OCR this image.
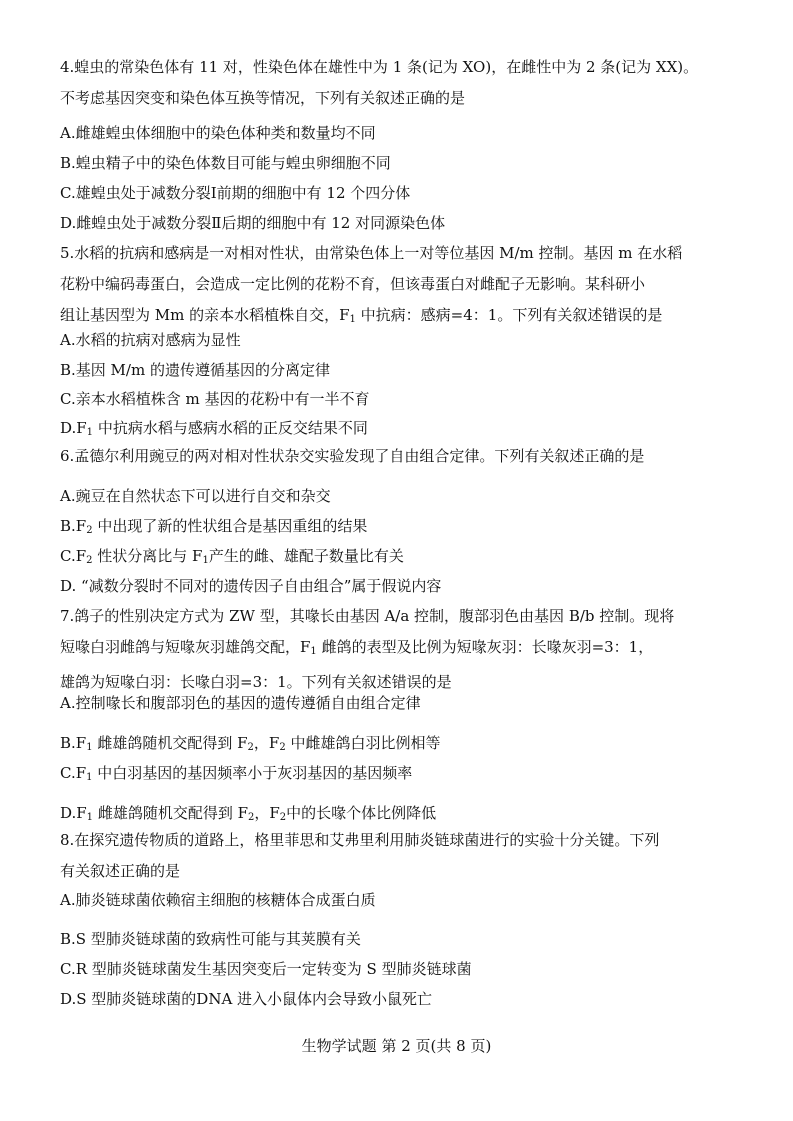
4.蝗虫的常染色体有 11 对，性染色体在雄性中为 1 条(记为 XO)，在雌性中为 2 条(记为 XX)。
不考虑基因突变和染色体互换等情况，下列有关叙述正确的是
A.雌雄蝗虫体细胞中的染色体种类和数量均不同
B.蝗虫精子中的染色体数目可能与蝗虫卵细胞不同
C.雄蝗虫处于减数分裂Ⅰ前期的细胞中有 12 个四分体
D.雌蝗虫处于减数分裂Ⅱ后期的细胞中有 12 对同源染色体
5.水稻的抗病和感病是一对相对性状，由常染色体上一对等位基因 M/m 控制。基因 m 在水稻
花粉中编码毒蛋白，会造成一定比例的花粉不育，但该毒蛋白对雌配子无影响。某科研小
组让基因型为 Mm 的亲本水稻植株自交，$F_1$ 中抗病：感病=4：1。下列有关叙述错误的是
A.水稻的抗病对感病为显性
B.基因 M/m 的遗传遵循基因的分离定律
C.亲本水稻植株含 m 基因的花粉中有一半不育
$D.F_1$ 中抗病水稻与感病水稻的正反交结果不同
6.孟德尔利用豌豆的两对相对性状杂交实验发现了自由组合定律。下列有关叙述正确的是
A.豌豆在自然状态下可以进行自交和杂交
$B.F_2$ 中出现了新的性状组合是基因重组的结果
$C.F_2$ 性状分离比与 $F_1$产生的雌、雄配子数量比有关
D. “减数分裂时不同对的遗传因子自由组合”属于假说内容
7.鸽子的性别决定方式为 ZW 型，其喙长由基因 A/a 控制，腹部羽色由基因 B/b 控制。现将
短喙白羽雌鸽与短喙灰羽雄鸽交配，$F_1$ 雌鸽的表型及比例为短喙灰羽：长喙灰羽=3：1，
雄鸽为短喙白羽：长喙白羽=3：1。下列有关叙述错误的是
A.控制喙长和腹部羽色的基因的遗传遵循自由组合定律
$B.F_1$ 雌雄鸽随机交配得到 $F_2$，$F_2$ 中雌雄鸽白羽比例相等
$C.F_1$ 中白羽基因的基因频率小于灰羽基因的基因频率
$D.F_1$ 雌雄鸽随机交配得到 $F_2$，$F_2$中的长喙个体比例降低
8.在探究遗传物质的道路上，格里菲思和艾弗里利用肺炎链球菌进行的实验十分关键。下列
有关叙述正确的是
A.肺炎链球菌依赖宿主细胞的核糖体合成蛋白质
B.S 型肺炎链球菌的致病性可能与其荚膜有关
C.R 型肺炎链球菌发生基因突变后一定转变为 S 型肺炎链球菌
D.S 型肺炎链球菌的DNA 进入小鼠体内会导致小鼠死亡
生物学试题 第 2 页(共 8 页)
